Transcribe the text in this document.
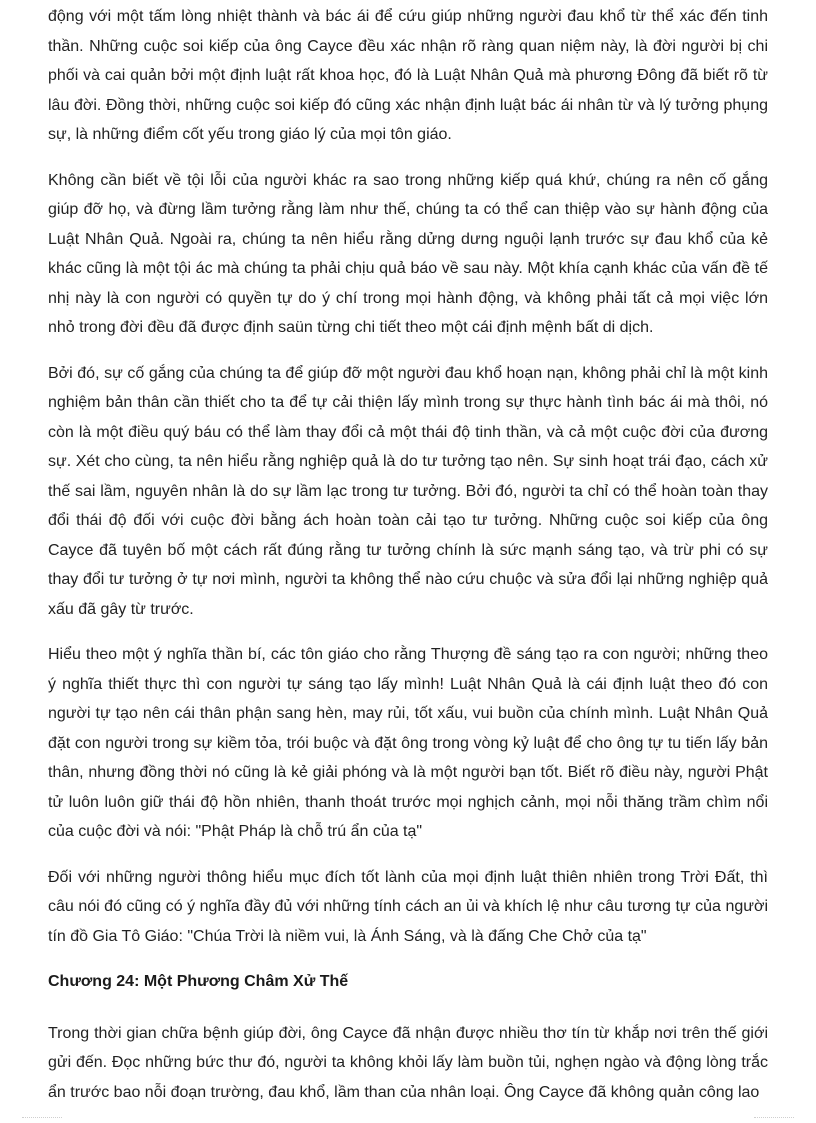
động với một tấm lòng nhiệt thành và bác ái để cứu giúp những người đau khổ từ thể xác đến tinh thần. Những cuộc soi kiếp của ông Cayce đều xác nhận rõ ràng quan niệm này, là đời người bị chi phối và cai quản bởi một định luật rất khoa học, đó là Luật Nhân Quả mà phương Đông đã biết rõ từ lâu đời. Đồng thời, những cuộc soi kiếp đó cũng xác nhận định luật bác ái nhân từ và lý tưởng phụng sự, là những điểm cốt yếu trong giáo lý của mọi tôn giáo.

Không cần biết về tội lỗi của người khác ra sao trong những kiếp quá khứ, chúng ra nên cố gắng giúp đỡ họ, và đừng lầm tưởng rằng làm như thế, chúng ta có thể can thiệp vào sự hành động của Luật Nhân Quả. Ngoài ra, chúng ta nên hiểu rằng dửng dưng nguội lạnh trước sự đau khổ của kẻ khác cũng là một tội ác mà chúng ta phải chịu quả báo về sau này. Một khía cạnh khác của vấn đề tế nhị này là con người có quyền tự do ý chí trong mọi hành động, và không phải tất cả mọi việc lớn nhỏ trong đời đều đã được định saün từng chi tiết theo một cái định mệnh bất di dịch.

Bởi đó, sự cố gắng của chúng ta để giúp đỡ một người đau khổ hoạn nạn, không phải chỉ là một kinh nghiệm bản thân cần thiết cho ta để tự cải thiện lấy mình trong sự thực hành tình bác ái mà thôi, nó còn là một điều quý báu có thể làm thay đổi cả một thái độ tinh thần, và cả một cuộc đời của đương sự. Xét cho cùng, ta nên hiểu rằng nghiệp quả là do tư tưởng tạo nên. Sự sinh hoạt trái đạo, cách xử thế sai lầm, nguyên nhân là do sự lầm lạc trong tư tưởng. Bởi đó, người ta chỉ có thể hoàn toàn thay đổi thái độ đối với cuộc đời bằng ách hoàn toàn cải tạo tư tưởng. Những cuộc soi kiếp của ông Cayce đã tuyên bố một cách rất đúng rằng tư tưởng chính là sức mạnh sáng tạo, và trừ phi có sự thay đổi tư tưởng ở tự nơi mình, người ta không thể nào cứu chuộc và sửa đổi lại những nghiệp quả xấu đã gây từ trước.

Hiểu theo một ý nghĩa thần bí, các tôn giáo cho rằng Thượng đề sáng tạo ra con người; những theo ý nghĩa thiết thực thì con người tự sáng tạo lấy mình! Luật Nhân Quả là cái định luật theo đó con người tự tạo nên cái thân phận sang hèn, may rủi, tốt xấu, vui buồn của chính mình. Luật Nhân Quả đặt con người trong sự kiềm tỏa, trói buộc và đặt ông trong vòng kỷ luật để cho ông tự tu tiến lấy bản thân, nhưng đồng thời nó cũng là kẻ giải phóng và là một người bạn tốt. Biết rõ điều này, người Phật tử luôn luôn giữ thái độ hồn nhiên, thanh thoát trước mọi nghịch cảnh, mọi nỗi thăng trầm chìm nổi của cuộc đời và nói: "Phật Pháp là chỗ trú ẩn của tạ"

Đối với những người thông hiểu mục đích tốt lành của mọi định luật thiên nhiên trong Trời Đất, thì câu nói đó cũng có ý nghĩa đầy đủ với những tính cách an ủi và khích lệ như câu tương tự của người tín đồ Gia Tô Giáo: "Chúa Trời là niềm vui, là Ánh Sáng, và là đấng Che Chở của tạ"

Chương 24: Một Phương Châm Xử Thế

Trong thời gian chữa bệnh giúp đời, ông Cayce đã nhận được nhiều thơ tín từ khắp nơi trên thế giới gửi đến. Đọc những bức thư đó, người ta không khỏi lấy làm buồn tủi, nghẹn ngào và động lòng trắc ẩn trước bao nỗi đoạn trường, đau khổ, lầm than của nhân loại. Ông Cayce đã không quản công lao
